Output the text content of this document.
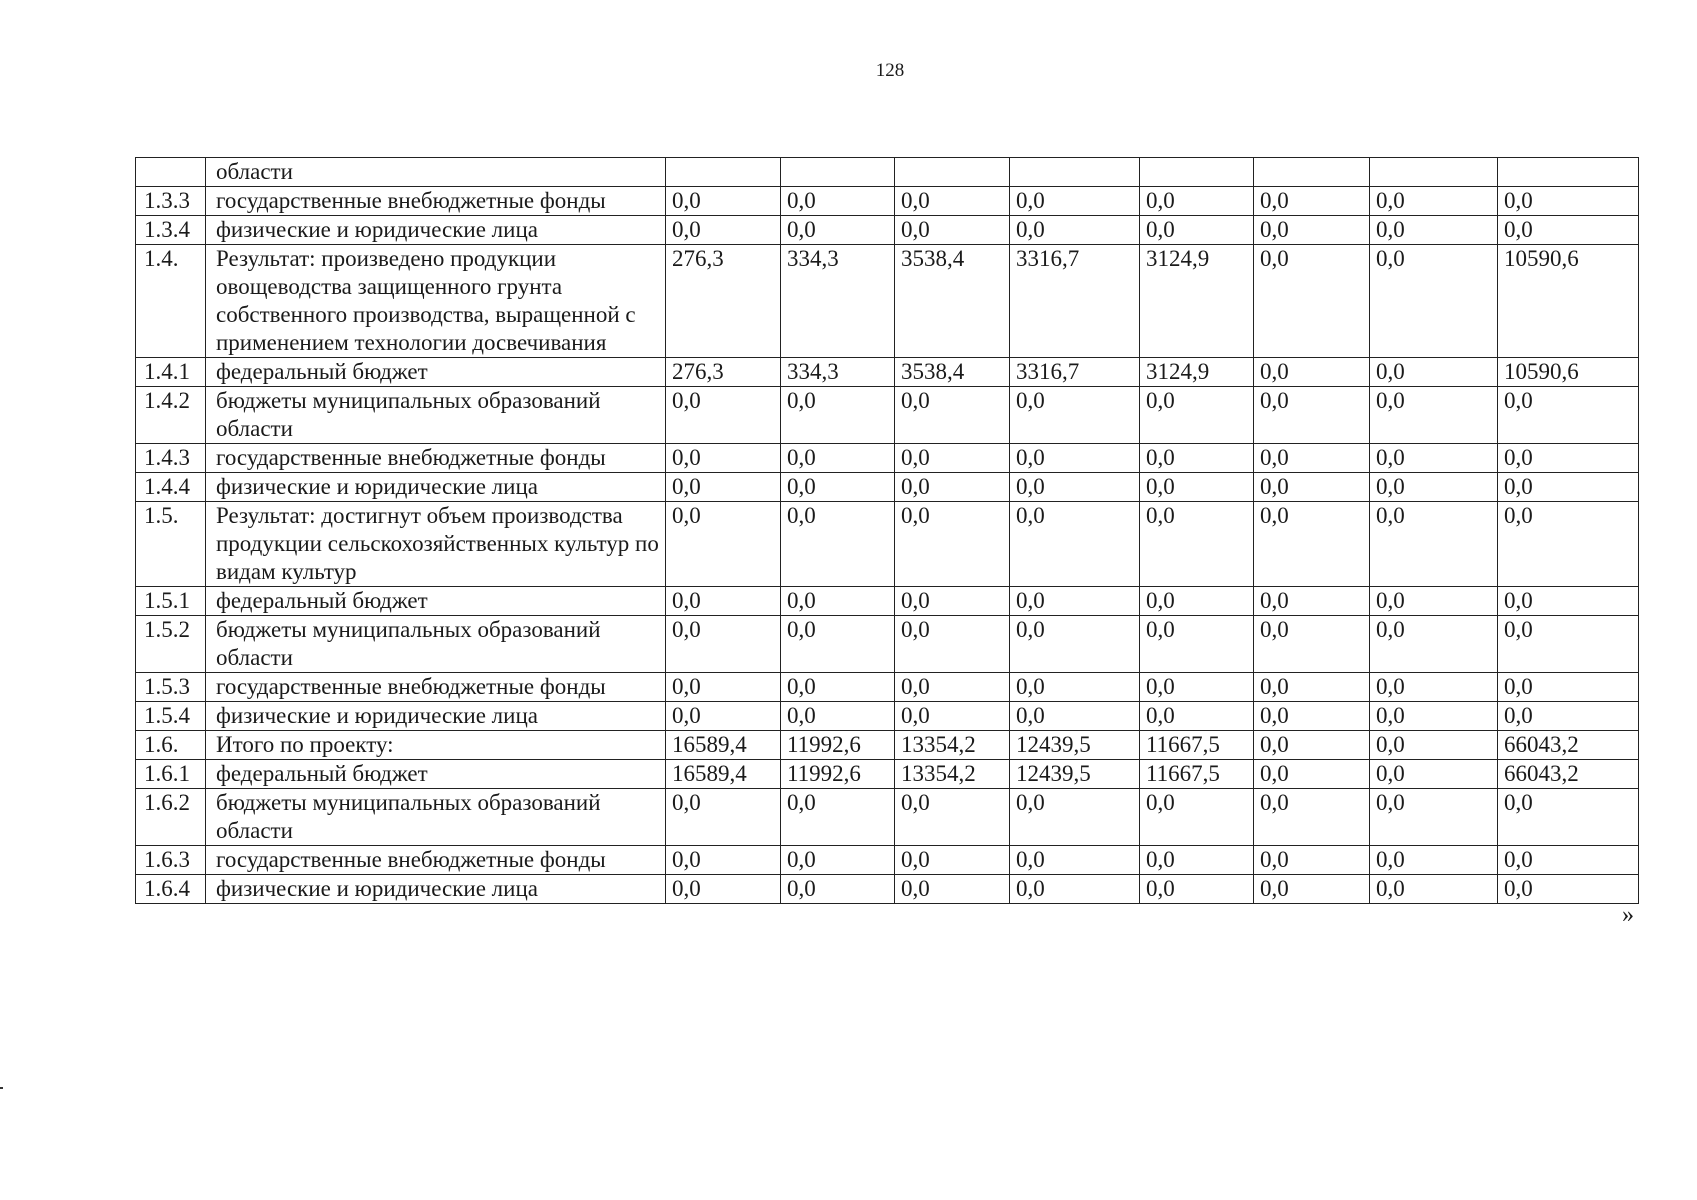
128
	области								
1.3.3	государственные внебюджетные фонды	0,0	0,0	0,0	0,0	0,0	0,0	0,0	0,0
1.3.4	физические и юридические лица	0,0	0,0	0,0	0,0	0,0	0,0	0,0	0,0
1.4.	Результат: произведено продукции овощеводства защищенного грунта собственного производства, выращенной с применением технологии досвечивания	276,3	334,3	3538,4	3316,7	3124,9	0,0	0,0	10590,6
1.4.1	федеральный бюджет	276,3	334,3	3538,4	3316,7	3124,9	0,0	0,0	10590,6
1.4.2	бюджеты муниципальных образований области	0,0	0,0	0,0	0,0	0,0	0,0	0,0	0,0
1.4.3	государственные внебюджетные фонды	0,0	0,0	0,0	0,0	0,0	0,0	0,0	0,0
1.4.4	физические и юридические лица	0,0	0,0	0,0	0,0	0,0	0,0	0,0	0,0
1.5.	Результат: достигнут объем производства продукции сельскохозяйственных культур по видам культур	0,0	0,0	0,0	0,0	0,0	0,0	0,0	0,0
1.5.1	федеральный бюджет	0,0	0,0	0,0	0,0	0,0	0,0	0,0	0,0
1.5.2	бюджеты муниципальных образований области	0,0	0,0	0,0	0,0	0,0	0,0	0,0	0,0
1.5.3	государственные внебюджетные фонды	0,0	0,0	0,0	0,0	0,0	0,0	0,0	0,0
1.5.4	физические и юридические лица	0,0	0,0	0,0	0,0	0,0	0,0	0,0	0,0
1.6.	Итого по проекту:	16589,4	11992,6	13354,2	12439,5	11667,5	0,0	0,0	66043,2
1.6.1	федеральный бюджет	16589,4	11992,6	13354,2	12439,5	11667,5	0,0	0,0	66043,2
1.6.2	бюджеты муниципальных образований области	0,0	0,0	0,0	0,0	0,0	0,0	0,0	0,0
1.6.3	государственные внебюджетные фонды	0,0	0,0	0,0	0,0	0,0	0,0	0,0	0,0
1.6.4	физические и юридические лица	0,0	0,0	0,0	0,0	0,0	0,0	0,0	0,0
»
